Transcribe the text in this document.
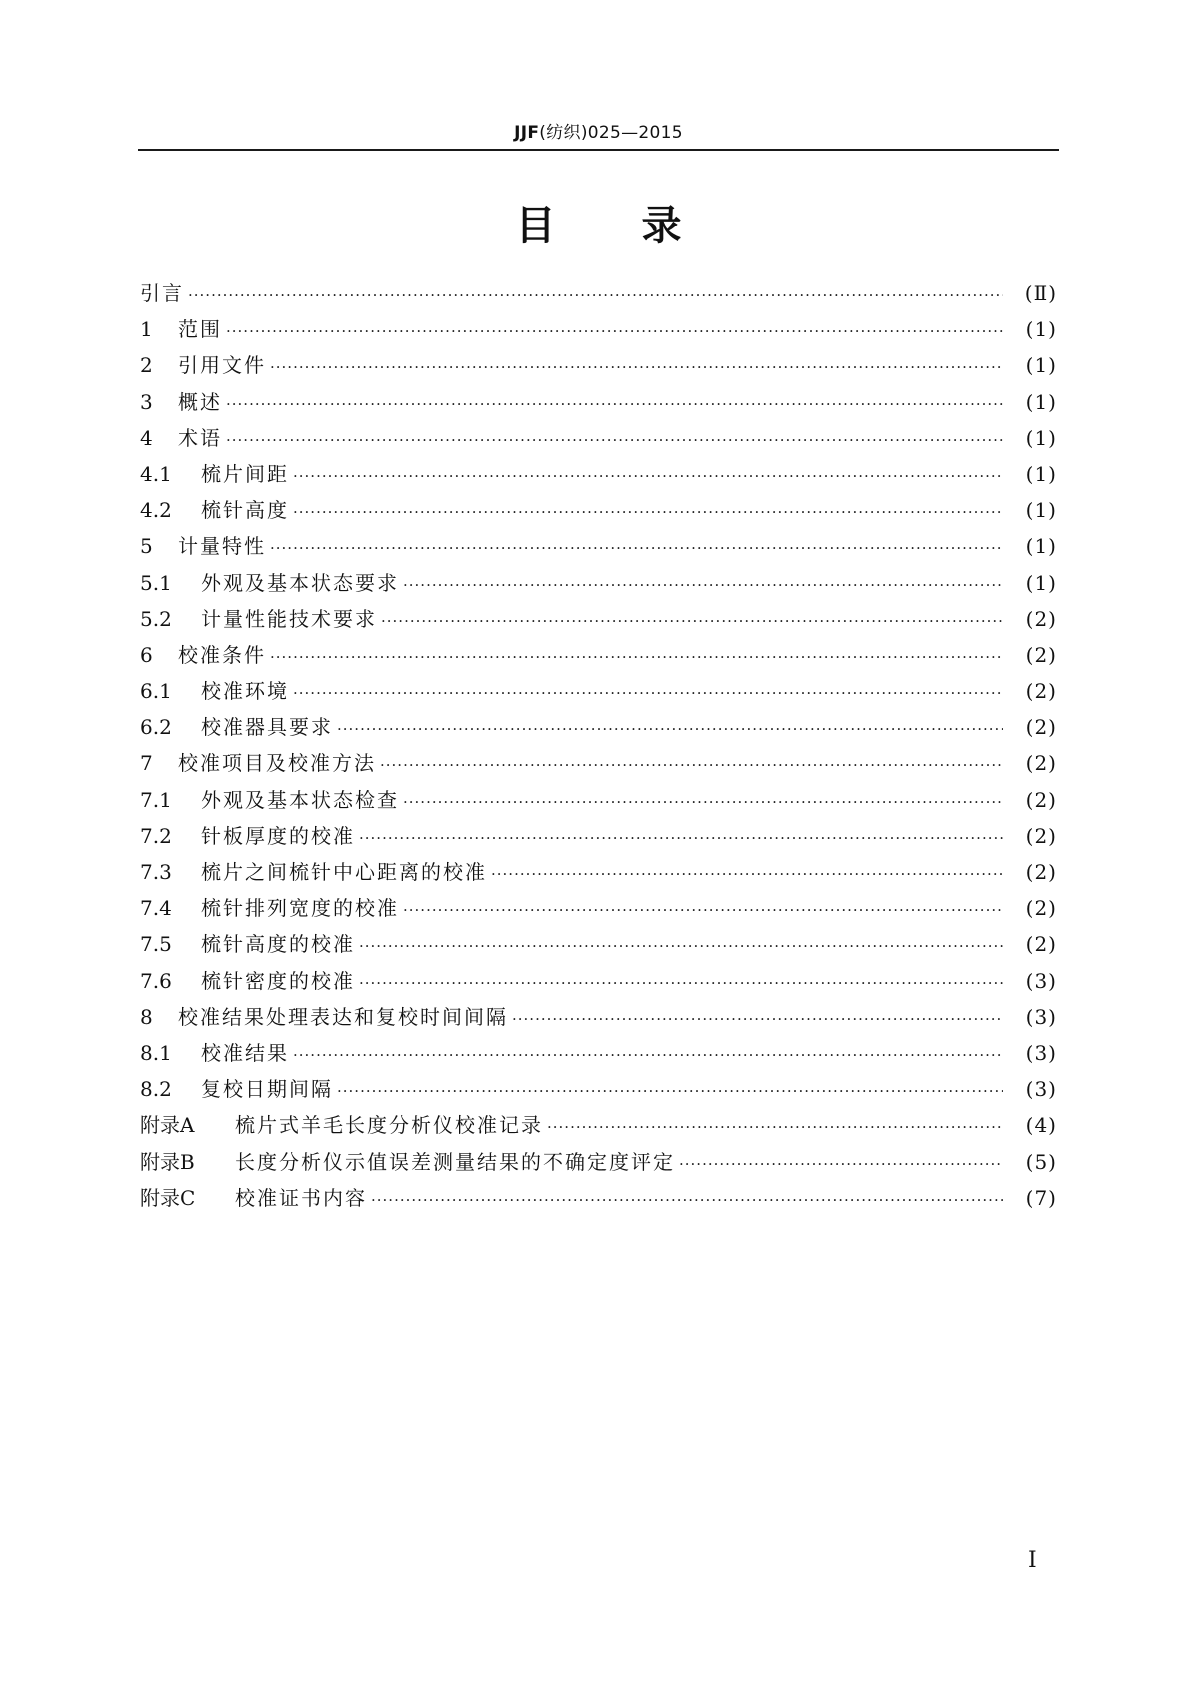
JJF(纺织)025—2015
目 录
引言 ·····	(Ⅱ)
1	范围 ·····	(1)
2	引用文件 ·····	(1)
3	概述 ·····	(1)
4	术语 ·····	(1)
4.1	梳片间距 ·····	(1)
4.2	梳针高度 ·····	(1)
5	计量特性 ·····	(1)
5.1	外观及基本状态要求 ·····	(1)
5.2	计量性能技术要求 ·····	(2)
6	校准条件 ·····	(2)
6.1	校准环境 ·····	(2)
6.2	校准器具要求 ·····	(2)
7	校准项目及校准方法 ·····	(2)
7.1	外观及基本状态检查 ·····	(2)
7.2	针板厚度的校准 ·····	(2)
7.3	梳片之间梳针中心距离的校准 ·····	(2)
7.4	梳针排列宽度的校准 ·····	(2)
7.5	梳针高度的校准 ·····	(2)
7.6	梳针密度的校准 ·····	(3)
8	校准结果处理表达和复校时间间隔 ·····	(3)
8.1	校准结果 ·····	(3)
8.2	复校日期间隔 ·····	(3)
附录A	梳片式羊毛长度分析仪校准记录 ·····	(4)
附录B	长度分析仪示值误差测量结果的不确定度评定 ·····	(5)
附录C	校准证书内容 ·····	(7)
Ⅰ
